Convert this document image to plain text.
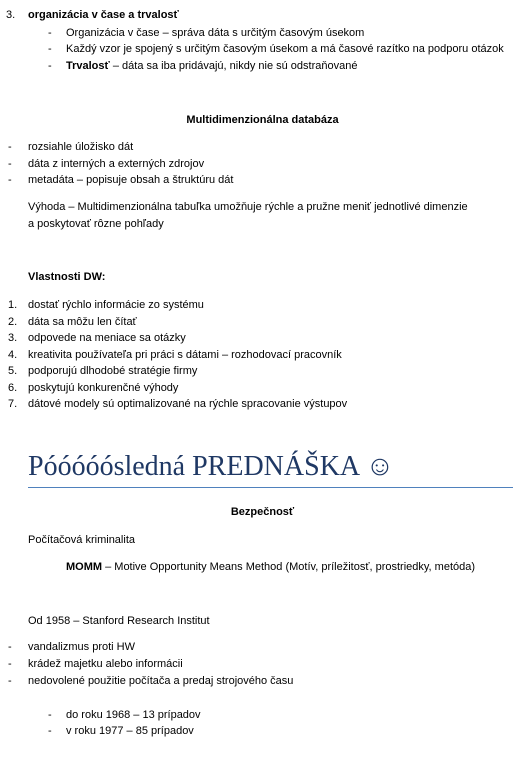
3. organizácia v čase a trvalosť
- Organizácia v čase – správa dáta s určitým časovým úsekom
- Každý vzor je spojený s určitým časovým úsekom a má časové razítko na podporu otázok
- Trvalosť – dáta sa iba pridávajú, nikdy nie sú odstraňované
Multidimenzionálna databáza
- rozsiahle úložisko dát
- dáta z interných a externých zdrojov
- metadáta – popisuje obsah a štruktúru dát
Výhoda – Multidimenzionálna tabuľka umožňuje rýchle a pružne meniť jednotlivé dimenzie
a poskytovať rôzne pohľady
Vlastnosti DW:
1. dostať rýchlo informácie zo systému
2. dáta sa môžu len čítať
3. odpovede na meniace sa otázky
4. kreativita používateľa pri práci s dátami – rozhodovací pracovník
5. podporujú dlhodobé stratégie firmy
6. poskytujú konkurenčné výhody
7. dátové modely sú optimalizované na rýchle spracovanie výstupov
Póóóóósledná PREDNÁŠKA ☺
Bezpečnosť
Počítačová kriminalita
MOMM – Motive Opportunity Means Method (Motív, príležitosť, prostriedky, metóda)
Od 1958 – Stanford Research Institut
- vandalizmus proti HW
- krádež majetku alebo informácii
- nedovolené použitie počítača a predaj strojového času
- do roku 1968 – 13 prípadov
- v roku 1977 – 85 prípadov
